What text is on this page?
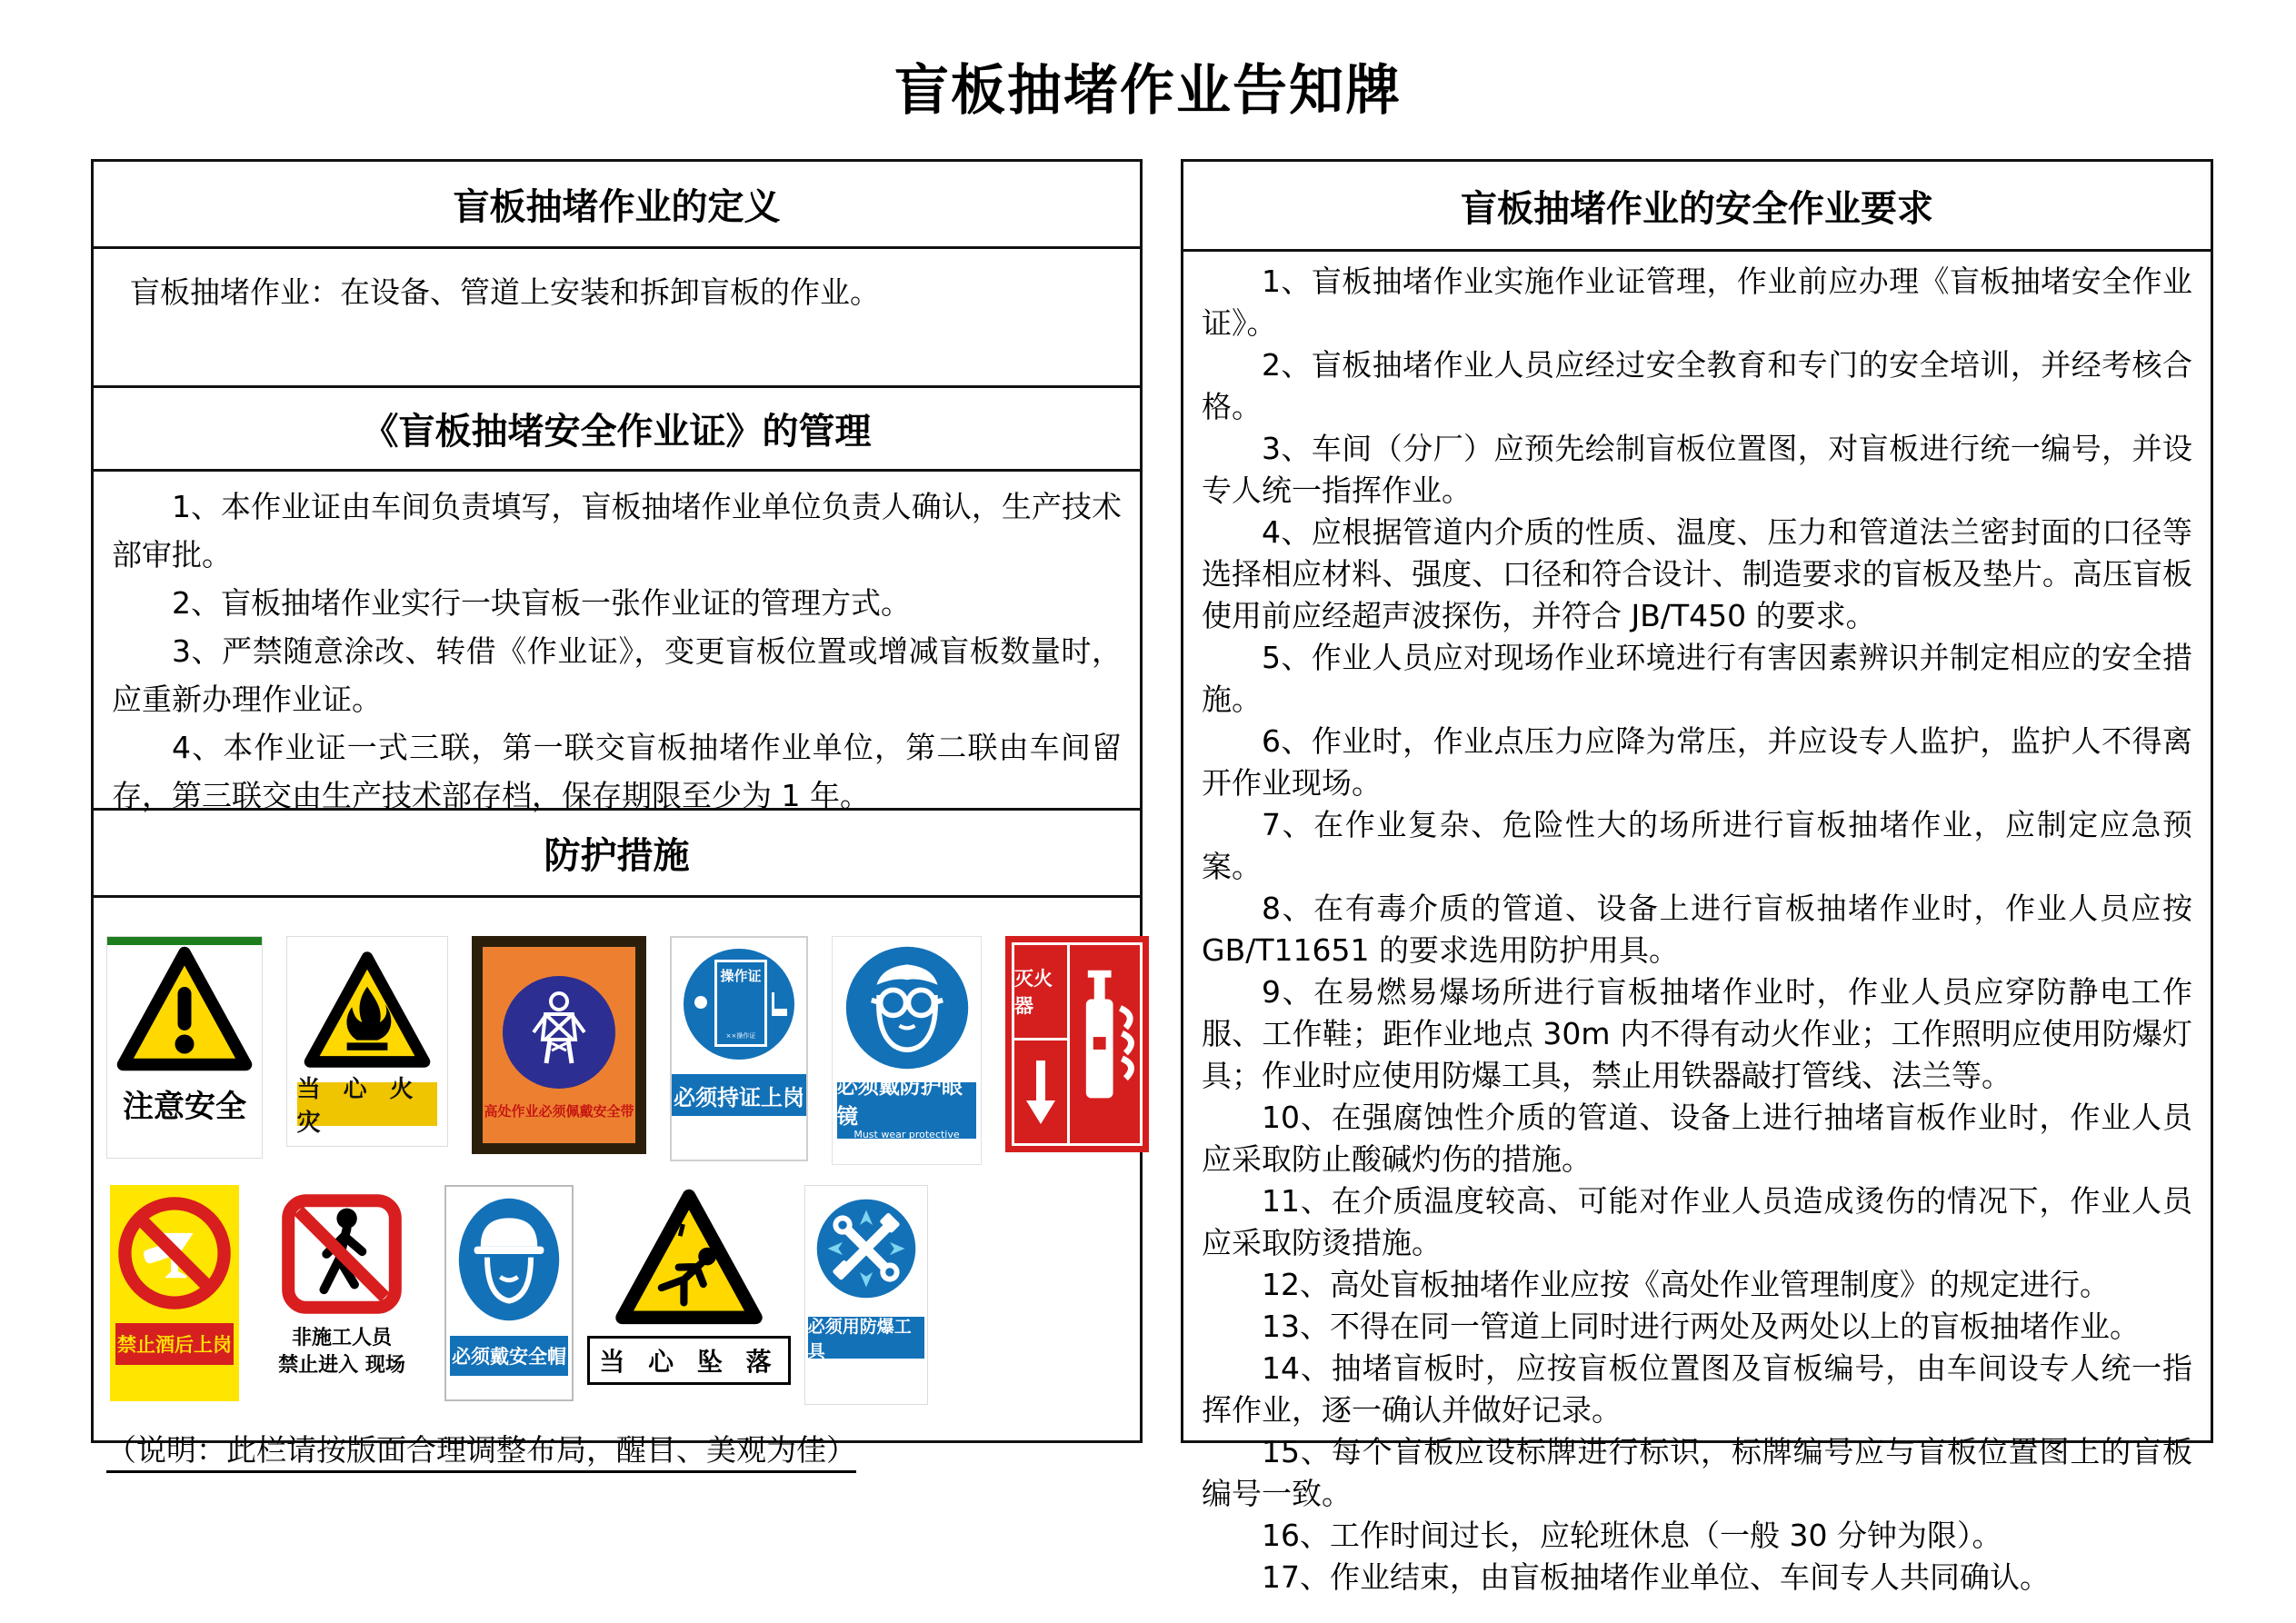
盲板抽堵作业告知牌
盲板抽堵作业的定义

盲板抽堵作业：在设备、管道上安装和拆卸盲板的作业。

《盲板抽堵安全作业证》的管理

1、本作业证由车间负责填写，盲板抽堵作业单位负责人确认，生产技术部审批。

2、盲板抽堵作业实行一块盲板一张作业证的管理方式。

3、严禁随意涂改、转借《作业证》，变更盲板位置或增减盲板数量时，应重新办理作业证。

4、本作业证一式三联，第一联交盲板抽堵作业单位，第二联由车间留存，第三联交由生产技术部存档，保存期限至少为 1 年。

防护措施
注意安全 当 心 火 灾	高处作业必须佩戴安全带
操作证
××操作证
必须持证上岗 必须戴防护眼镜
Must wear protective goggles
灭火器
禁止酒后上岗	非施工人员
禁止进入 现场 必须戴安全帽	当 心 坠 落
必须用防爆工具
（说明：此栏请按版面合理调整布局，醒目、美观为佳）
盲板抽堵作业的安全作业要求

1、盲板抽堵作业实施作业证管理，作业前应办理《盲板抽堵安全作业证》。

2、盲板抽堵作业人员应经过安全教育和专门的安全培训，并经考核合格。

3、车间（分厂）应预先绘制盲板位置图，对盲板进行统一编号，并设专人统一指挥作业。

4、应根据管道内介质的性质、温度、压力和管道法兰密封面的口径等选择相应材料、强度、口径和符合设计、制造要求的盲板及垫片。高压盲板使用前应经超声波探伤，并符合 JB/T450 的要求。

5、作业人员应对现场作业环境进行有害因素辨识并制定相应的安全措施。

6、作业时，作业点压力应降为常压，并应设专人监护，监护人不得离开作业现场。

7、在作业复杂、危险性大的场所进行盲板抽堵作业，应制定应急预案。

8、在有毒介质的管道、设备上进行盲板抽堵作业时，作业人员应按 GB/T11651 的要求选用防护用具。

9、在易燃易爆场所进行盲板抽堵作业时，作业人员应穿防静电工作服、工作鞋；距作业地点 30m 内不得有动火作业；工作照明应使用防爆灯具；作业时应使用防爆工具，禁止用铁器敲打管线、法兰等。

10、在强腐蚀性介质的管道、设备上进行抽堵盲板作业时，作业人员应采取防止酸碱灼伤的措施。

11、在介质温度较高、可能对作业人员造成烫伤的情况下，作业人员应采取防烫措施。

12、高处盲板抽堵作业应按《高处作业管理制度》的规定进行。

13、不得在同一管道上同时进行两处及两处以上的盲板抽堵作业。

14、抽堵盲板时，应按盲板位置图及盲板编号，由车间设专人统一指挥作业，逐一确认并做好记录。

15、每个盲板应设标牌进行标识，标牌编号应与盲板位置图上的盲板编号一致。

16、工作时间过长，应轮班休息（一般 30 分钟为限）。

17、作业结束，由盲板抽堵作业单位、车间专人共同确认。
